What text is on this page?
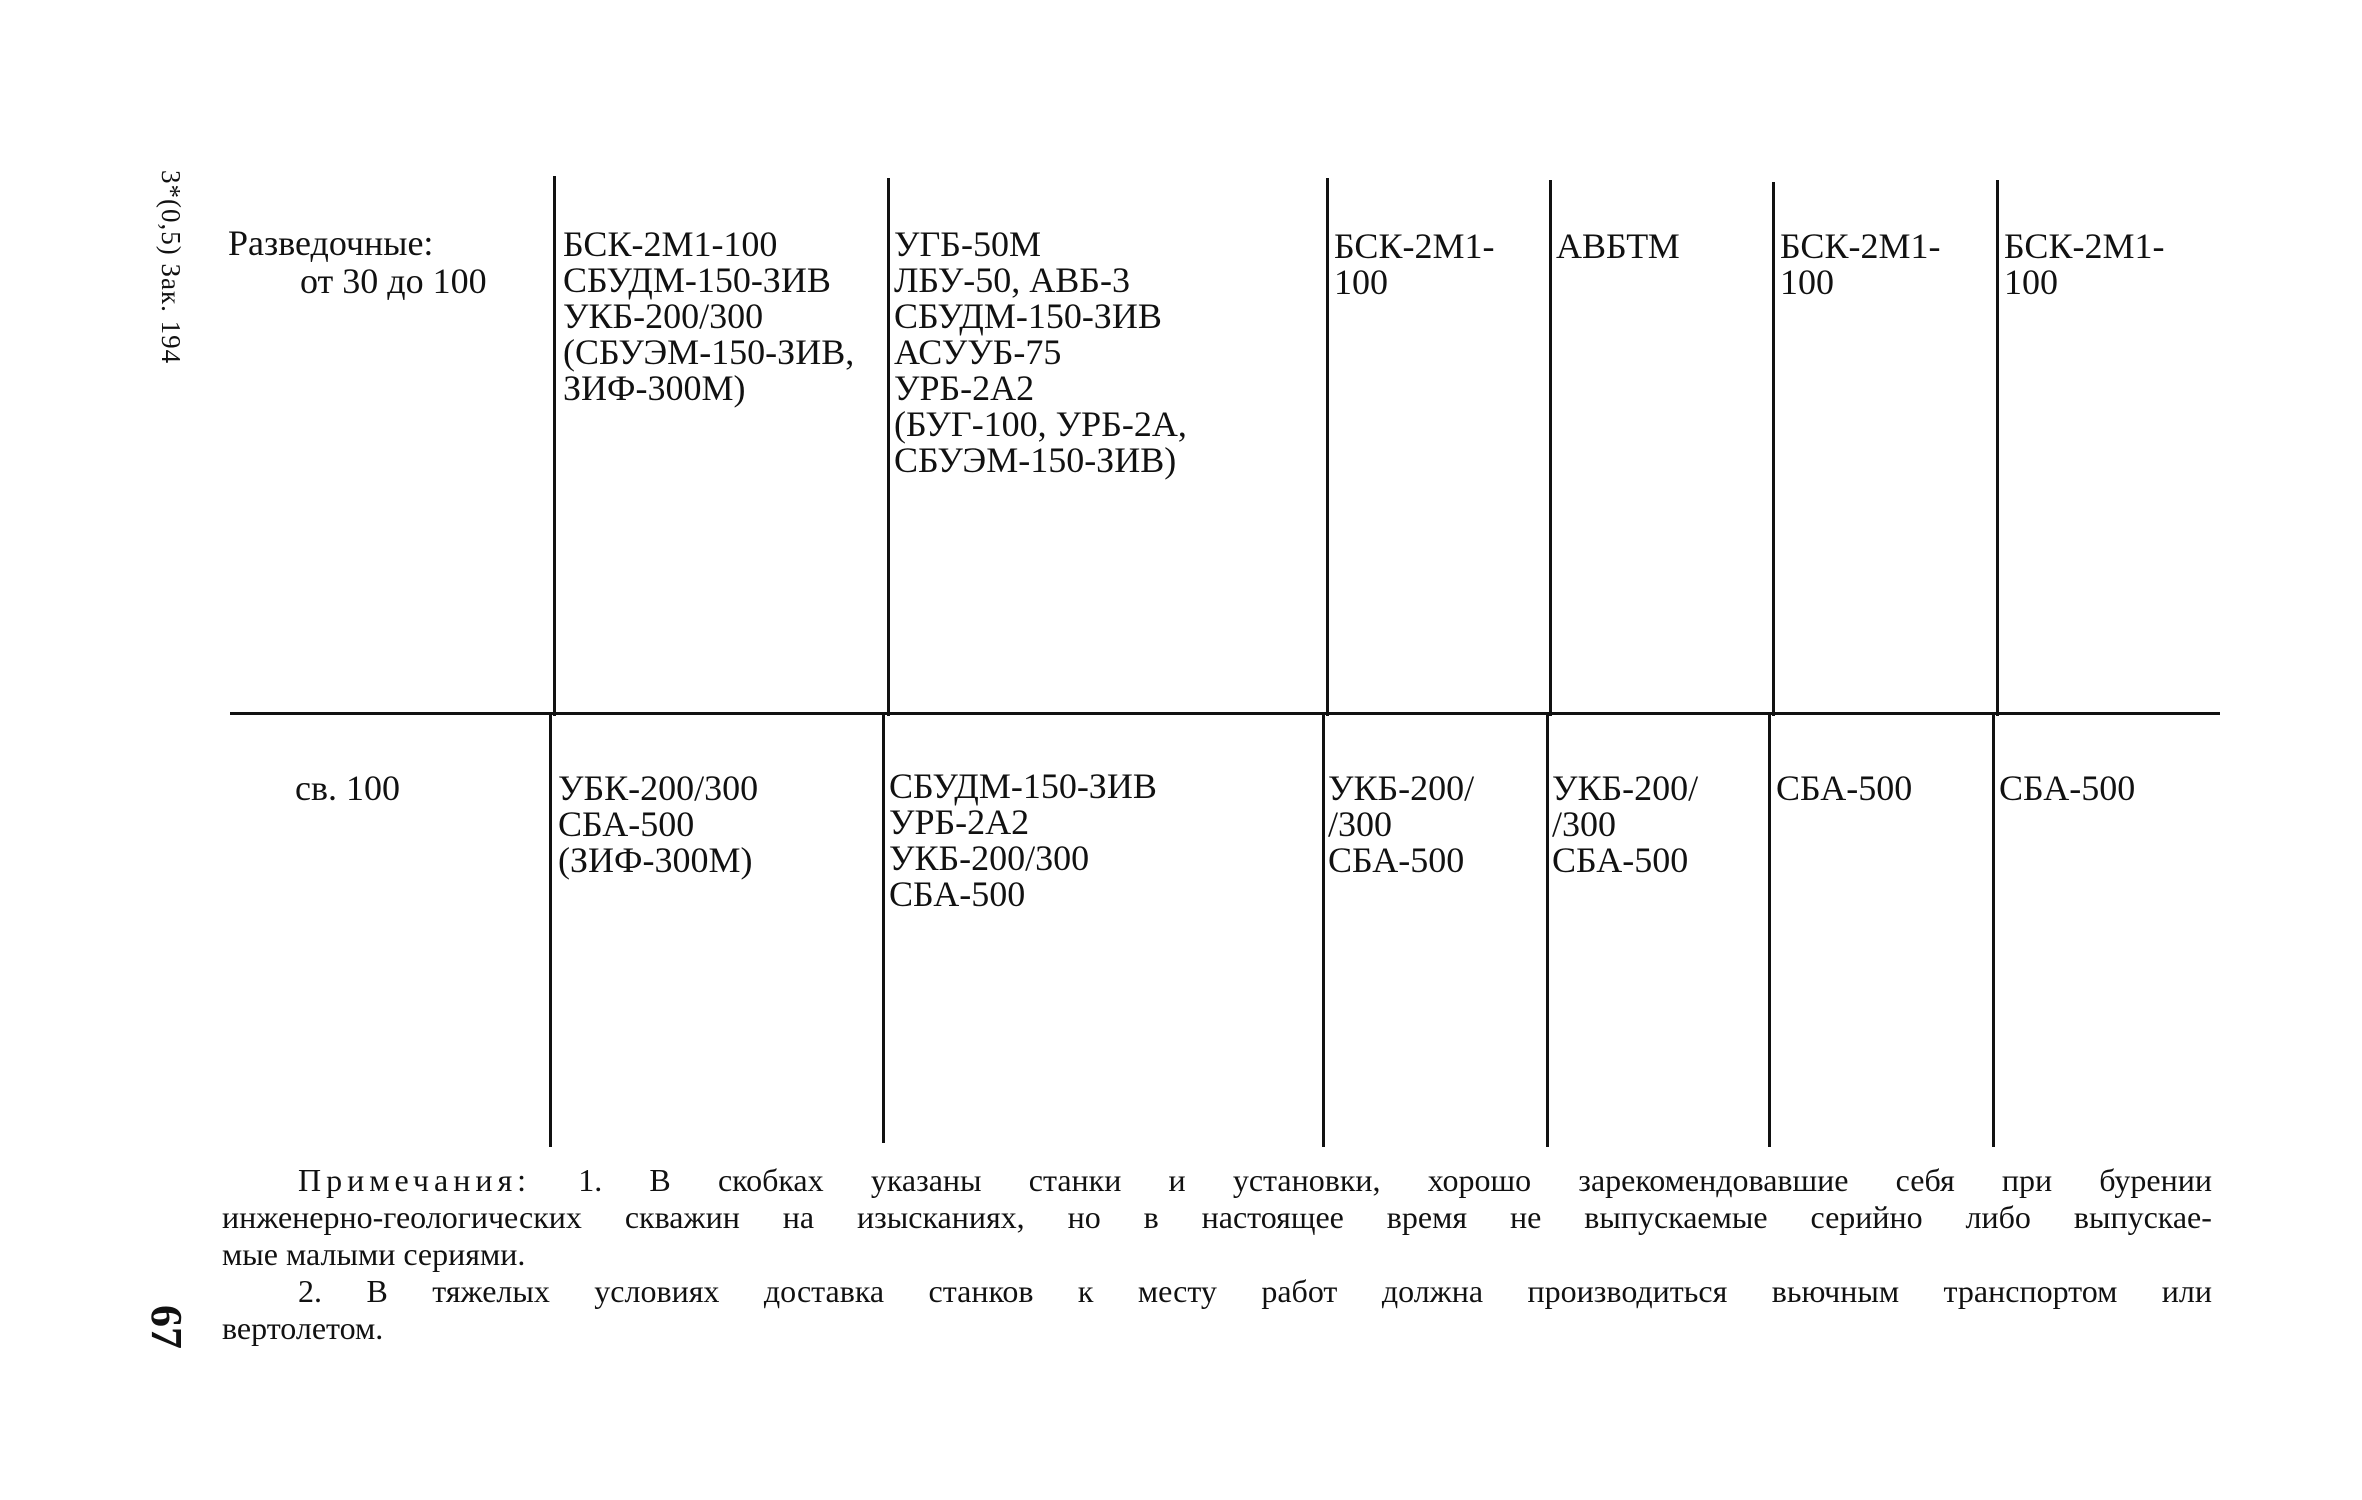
3*(0,5) Зак. 194
67
Разведочные:
от 30 до 100
БСК-2М1-100
СБУДМ-150-ЗИВ
УКБ-200/300
(СБУЭМ-150-ЗИВ,
ЗИФ-300М)
УГБ-50М
ЛБУ-50, АВБ-3
СБУДМ-150-ЗИВ
АСУУБ-75
УРБ-2А2
(БУГ-100, УРБ-2А,
СБУЭМ-150-ЗИВ)
БСК-2М1-
100
АВБТМ	БСК-2М1-
100
БСК-2М1-
100
св. 100	УБК-200/300
СБА-500
(ЗИФ-300М)
СБУДМ-150-ЗИВ
УРБ-2А2
УКБ-200/300
СБА-500
УКБ-200/
/300
СБА-500
УКБ-200/
/300
СБА-500
СБА-500 СБА-500
Примечания: 1. В скобках указаны станки и установки, хорошо зарекомендовавшие себя при бурении
инженерно-геологических скважин на изысканиях, но в настоящее время не выпускаемые серийно либо выпускае-
мые малыми сериями.
2. В тяжелых условиях доставка станков к месту работ должна производиться вьючным транспортом или
вертолетом.
